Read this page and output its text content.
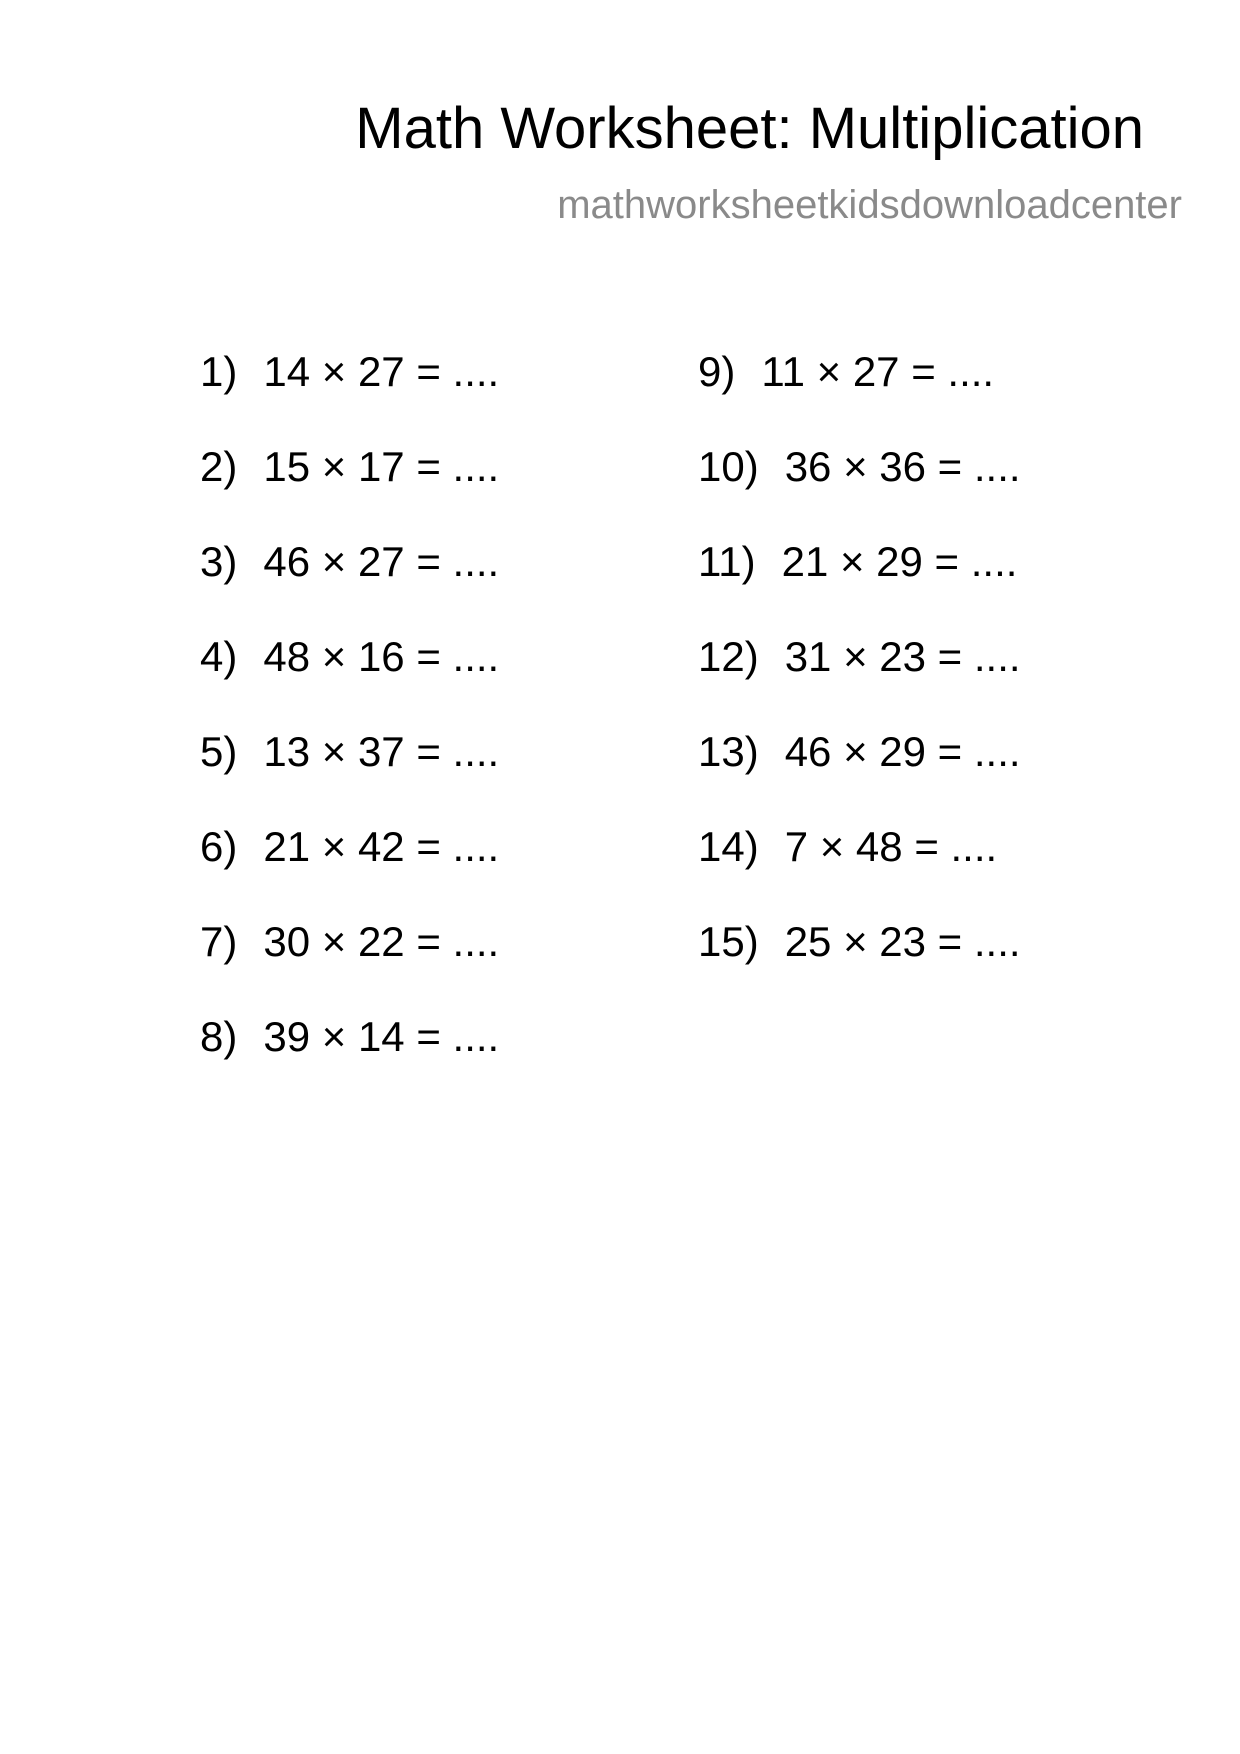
Math Worksheet: Multiplication
mathworksheetkidsdownloadcenter
1) 14 × 27 = ....
2) 15 × 17 = ....
3) 46 × 27 = ....
4) 48 × 16 = ....
5) 13 × 37 = ....
6) 21 × 42 = ....
7) 30 × 22 = ....
8) 39 × 14 = ....
9) 11 × 27 = ....
10) 36 × 36 = ....
11) 21 × 29 = ....
12) 31 × 23 = ....
13) 46 × 29 = ....
14) 7 × 48 = ....
15) 25 × 23 = ....
